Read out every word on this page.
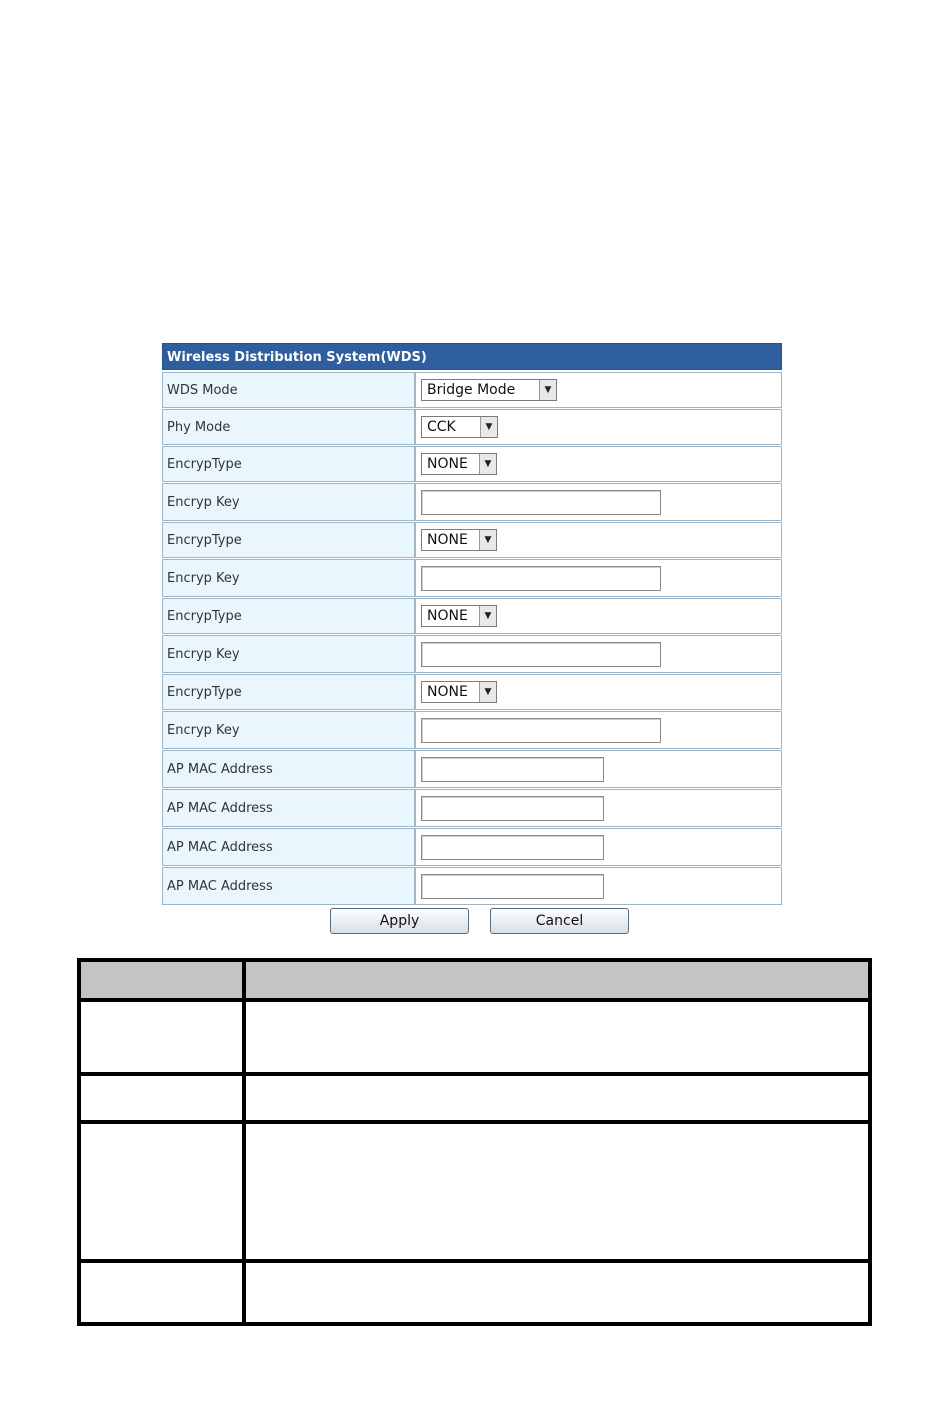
Wireless Distribution System(WDS)
WDS Mode	Bridge Mode ▼

Phy Mode	CCK ▼

EncrypType	NONE ▼

Encryp Key	
EncrypType	NONE ▼

Encryp Key	
EncrypType	NONE ▼

Encryp Key	
EncrypType	NONE ▼

Encryp Key	
AP MAC Address	
AP MAC Address	
AP MAC Address	
AP MAC Address	
Apply	Cancel
